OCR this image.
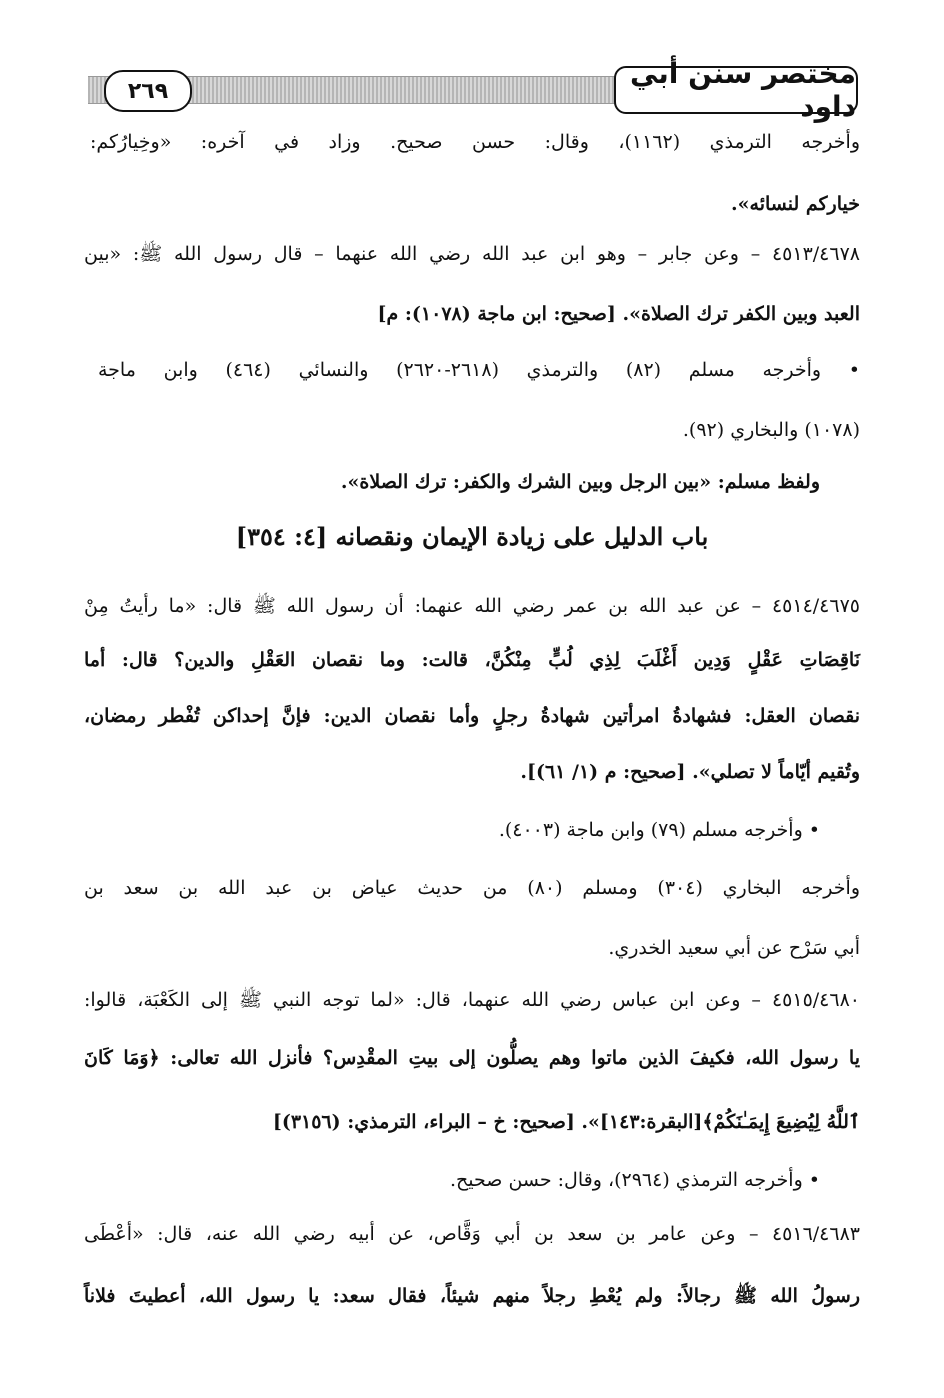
٢٦٩
مختصر سنن أبي داود
وأخرجه الترمذي (١١٦٢)، وقال: حسن صحيح. وزاد في آخره: «وخِيارُكم:
خياركم لنسائه».
٤٥١٣/٤٦٧٨ – وعن جابر – وهو ابن عبد الله رضي الله عنهما – قال رسول الله ﷺ: «بين
العبد وبين الكفر ترك الصلاة». [صحيح: ابن ماجة (١٠٧٨): م]
• وأخرجه مسلم (٨٢) والترمذي (٢٦١٨-٢٦٢٠) والنسائي (٤٦٤) وابن ماجة
(١٠٧٨) والبخاري (٩٢).
ولفظ مسلم: «بين الرجل وبين الشرك والكفر: ترك الصلاة».
باب الدليل على زيادة الإيمان ونقصانه [٤: ٣٥٤]
٤٥١٤/٤٦٧٥ – عن عبد الله بن عمر رضي الله عنهما: أن رسول الله ﷺ قال: «ما رأيتُ مِنْ
نَاقِصَاتِ عَقْلٍ وَدِين أَغْلَبَ لِذِي لُبٍّ مِنْكُنَّ، قالت: وما نقصان العَقْلِ والدين؟ قال: أما
نقصان العقل: فشهادةُ امرأتين شهادةُ رجلٍ وأما نقصان الدين: فإنَّ إحداكن تُفْطر رمضان،
وتُقيم أيّاماً لا تصلي». [صحيح: م (١/ ٦١)].
• وأخرجه مسلم (٧٩) وابن ماجة (٤٠٠٣).
وأخرجه البخاري (٣٠٤) ومسلم (٨٠) من حديث عياض بن عبد الله بن سعد بن
أبي سَرْح عن أبي سعيد الخدري.
٤٥١٥/٤٦٨٠ – وعن ابن عباس رضي الله عنهما، قال: «لما توجه النبي ﷺ إلى الكَعْبَة، قالوا:
يا رسول الله، فكيفَ الذين ماتوا وهم يصلُّون إلى بيتِ المقْدِس؟ فأنزل الله تعالى: ﴿وَمَا كَانَ
ٱللَّهُ لِيُضِيعَ إِيمَـٰنَكُمْ﴾[البقرة:١٤٣]». [صحيح: خ – البراء، الترمذي: (٣١٥٦)]
• وأخرجه الترمذي (٢٩٦٤)، وقال: حسن صحيح.
٤٥١٦/٤٦٨٣ – وعن عامر بن سعد بن أبي وَقَّاص، عن أبيه رضي الله عنه، قال: «أعْطَى
رسولُ الله ﷺ رجالاً: ولم يُعْطِ رجلاً منهم شيئاً، فقال سعد: يا رسول الله، أعطيتَ فلاناً
